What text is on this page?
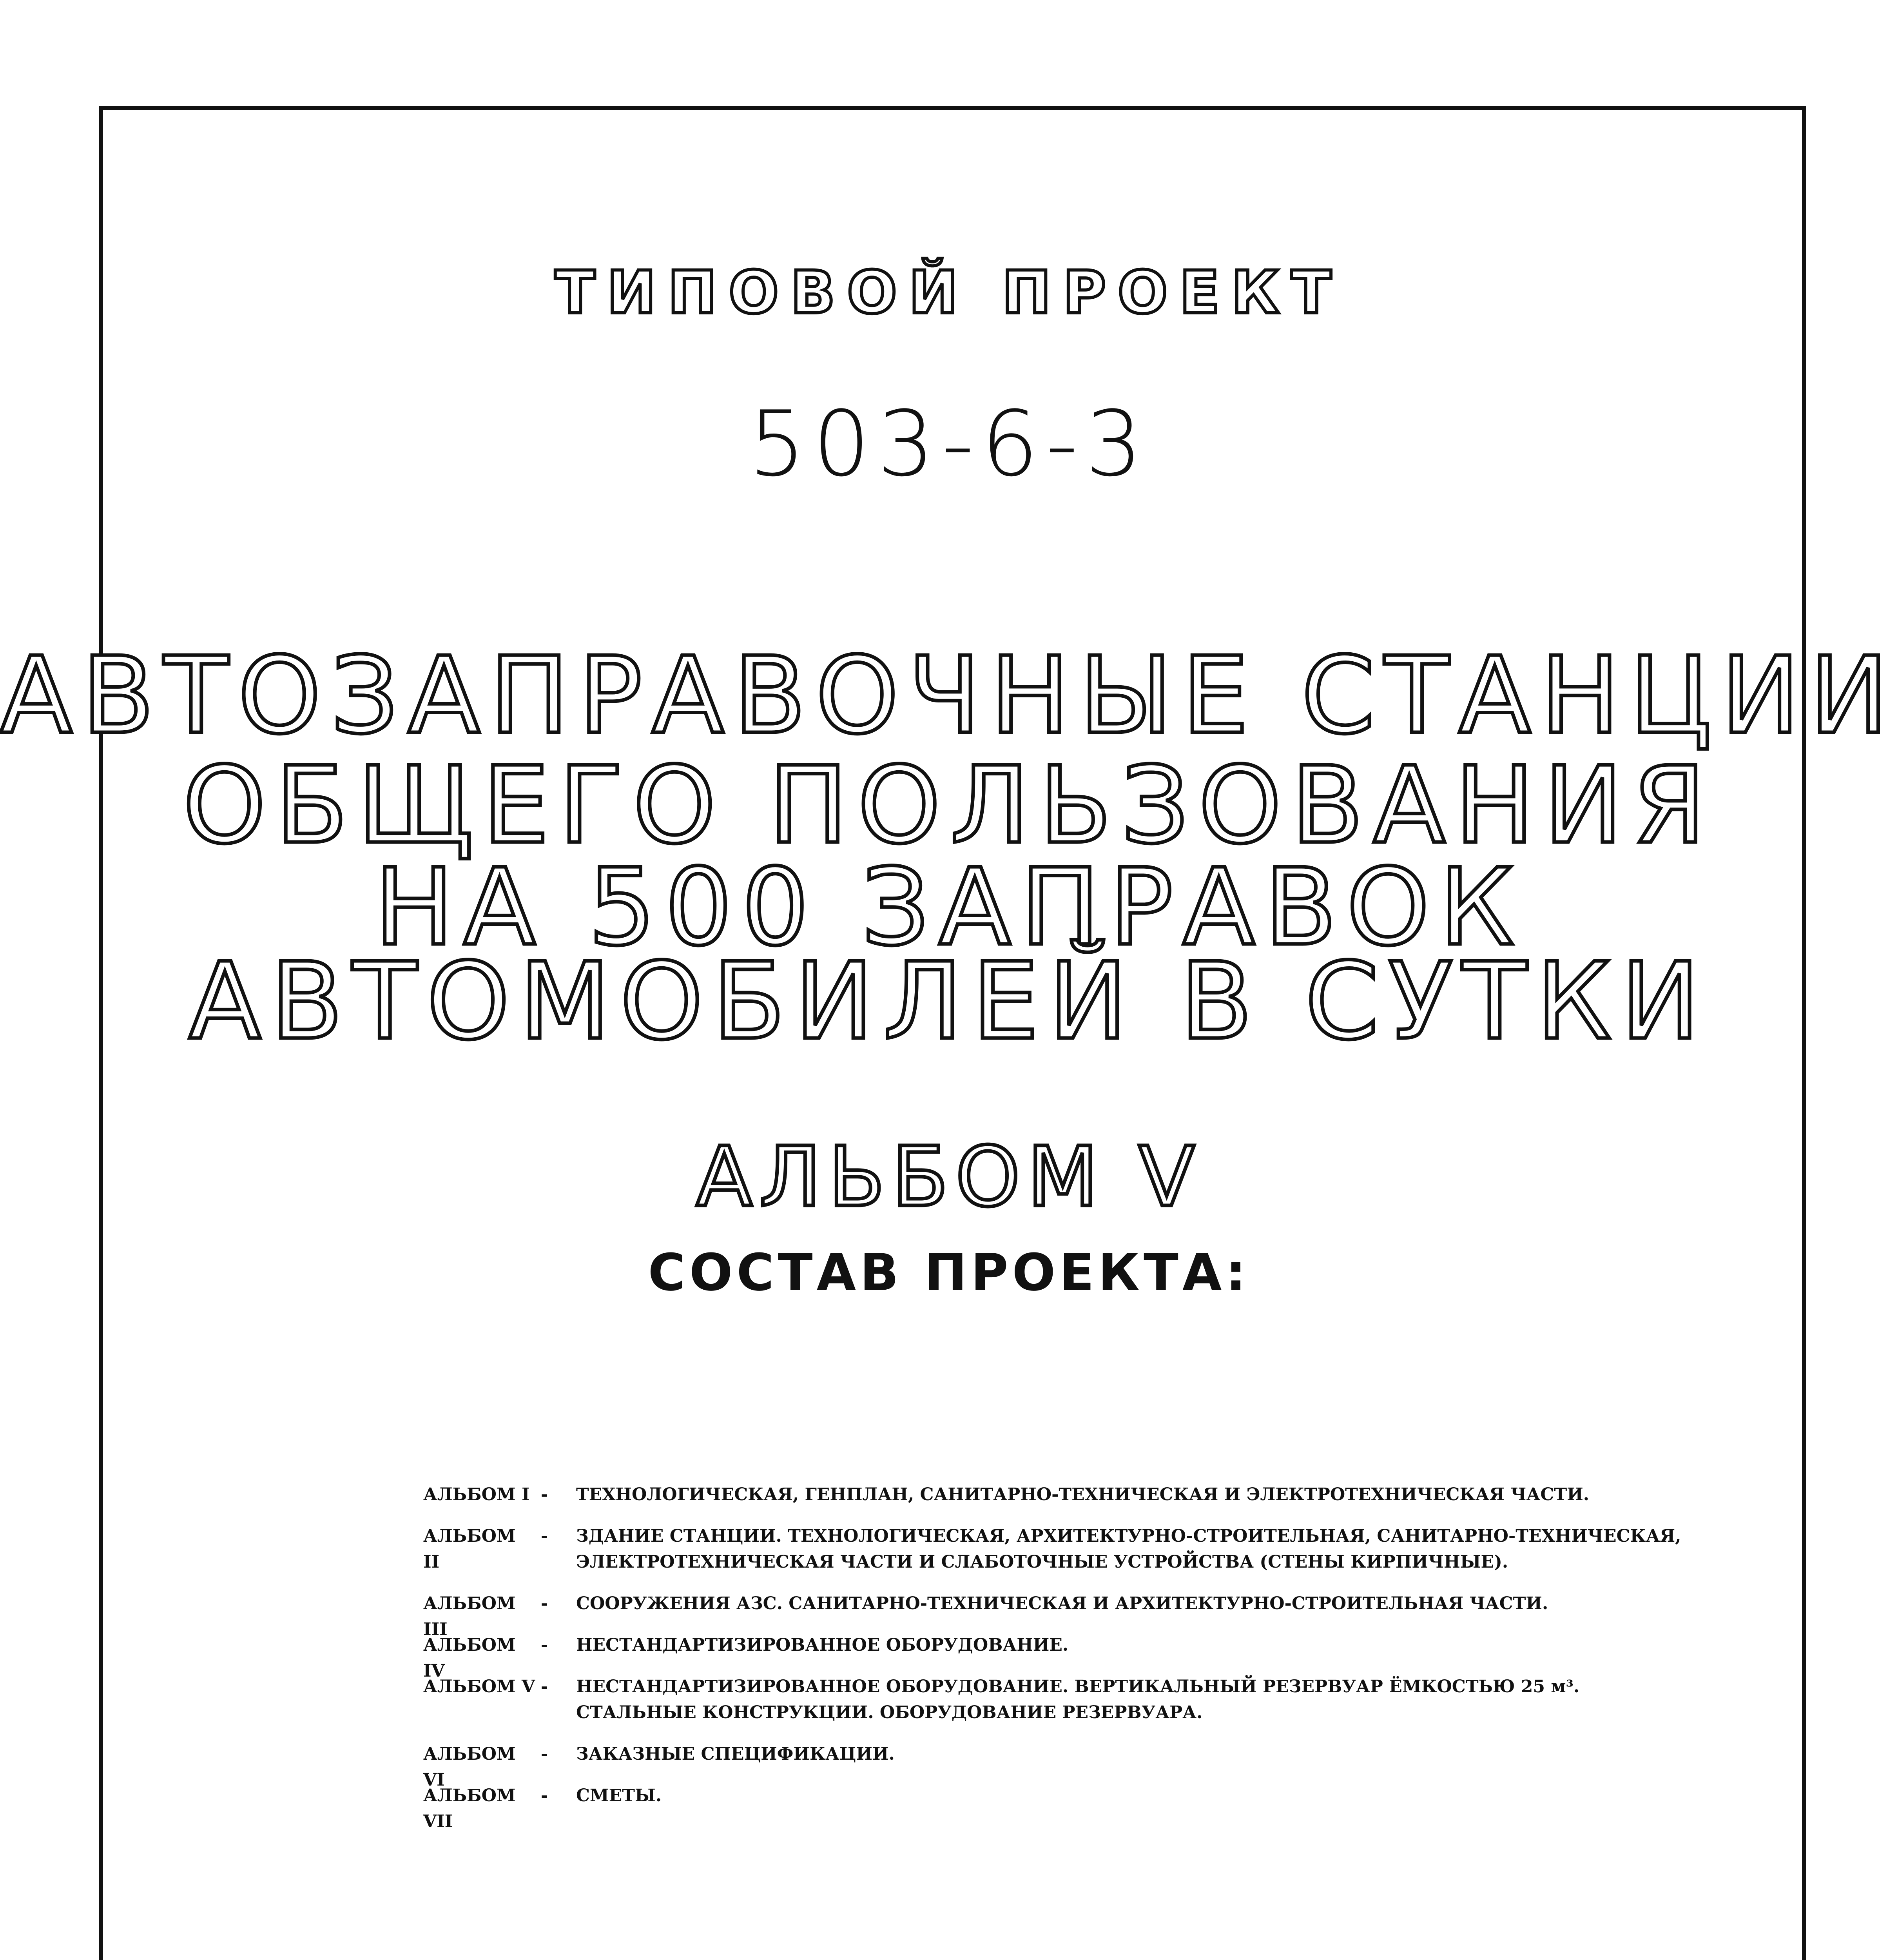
ТИПОВОЙ ПРОЕКТ
503-6-3
АВТОЗАПРАВОЧНЫЕ СТАНЦИИ
ОБЩЕГО ПОЛЬЗОВАНИЯ
НА 500 ЗАПРАВОК
АВТОМОБИЛЕЙ В СУТКИ
АЛЬБОМ V
СОСТАВ ПРОЕКТА:
АЛЬБОМ I - ТЕХНОЛОГИЧЕСКАЯ, ГЕНПЛАН, САНИТАРНО-ТЕХНИЧЕСКАЯ И ЭЛЕКТРОТЕХНИЧЕСКАЯ ЧАСТИ.
АЛЬБОМ II
- ЗДАНИЕ СТАНЦИИ. ТЕХНОЛОГИЧЕСКАЯ, АРХИТЕКТУРНО-СТРОИТЕЛЬНАЯ, САНИТАРНО-ТЕХНИЧЕСКАЯ,
ЭЛЕКТРОТЕХНИЧЕСКАЯ ЧАСТИ И СЛАБОТОЧНЫЕ УСТРОЙСТВА (СТЕНЫ КИРПИЧНЫЕ).
АЛЬБОМ III
- СООРУЖЕНИЯ АЗС. САНИТАРНО-ТЕХНИЧЕСКАЯ И АРХИТЕКТУРНО-СТРОИТЕЛЬНАЯ ЧАСТИ.
АЛЬБОМ IV
- НЕСТАНДАРТИЗИРОВАННОЕ ОБОРУДОВАНИЕ.
АЛЬБОМ V - НЕСТАНДАРТИЗИРОВАННОЕ ОБОРУДОВАНИЕ. ВЕРТИКАЛЬНЫЙ РЕЗЕРВУАР ЁМКОСТЬЮ 25 м³.
СТАЛЬНЫЕ КОНСТРУКЦИИ. ОБОРУДОВАНИЕ РЕЗЕРВУАРА.
АЛЬБОМ VI
- ЗАКАЗНЫЕ СПЕЦИФИКАЦИИ.
АЛЬБОМ VII
- СМЕТЫ.
